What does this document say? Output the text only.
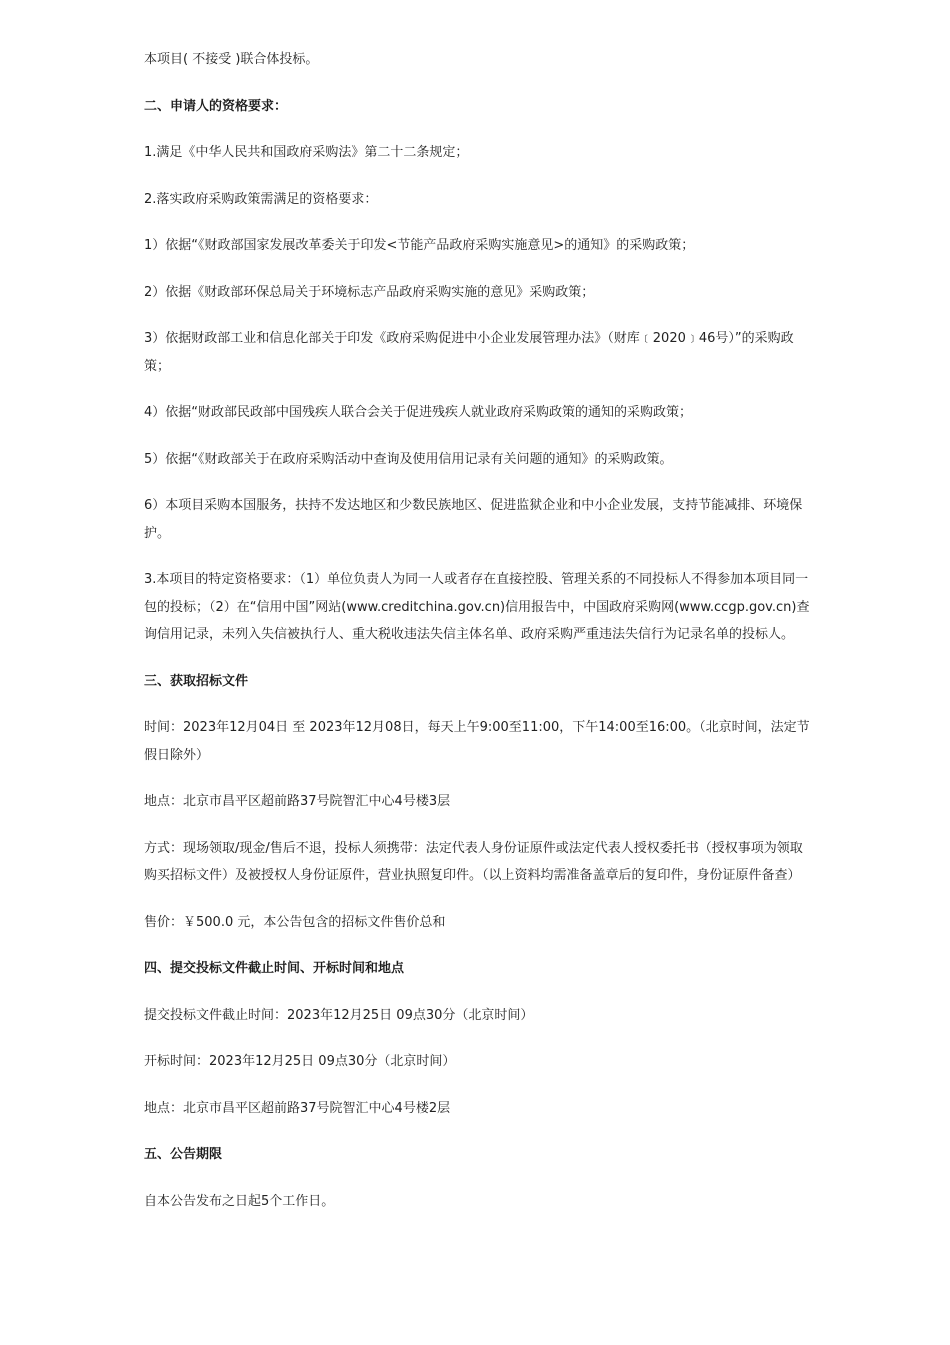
本项目( 不接受 )联合体投标。
二、申请人的资格要求：
1.满足《中华人民共和国政府采购法》第二十二条规定；
2.落实政府采购政策需满足的资格要求：
1）依据“《财政部国家发展改革委关于印发<节能产品政府采购实施意见>的通知》的采购政策；
2）依据《财政部环保总局关于环境标志产品政府采购实施的意见》采购政策；
3）依据财政部工业和信息化部关于印发《政府采购促进中小企业发展管理办法》（财库﹝2020﹞46号）”的采购政策；
4）依据“财政部民政部中国残疾人联合会关于促进残疾人就业政府采购政策的通知的采购政策；
5）依据“《财政部关于在政府采购活动中查询及使用信用记录有关问题的通知》的采购政策。
6）本项目采购本国服务，扶持不发达地区和少数民族地区、促进监狱企业和中小企业发展，支持节能减排、环境保护。
3.本项目的特定资格要求：（1）单位负责人为同一人或者存在直接控股、管理关系的不同投标人不得参加本项目同一包的投标；（2）在“信用中国”网站(www.creditchina.gov.cn)信用报告中，中国政府采购网(www.ccgp.gov.cn)查询信用记录，未列入失信被执行人、重大税收违法失信主体名单、政府采购严重违法失信行为记录名单的投标人。
三、获取招标文件
时间：2023年12月04日 至 2023年12月08日，每天上午9:00至11:00，下午14:00至16:00。（北京时间，法定节假日除外）
地点：北京市昌平区超前路37号院智汇中心4号楼3层
方式：现场领取/现金/售后不退，投标人须携带：法定代表人身份证原件或法定代表人授权委托书（授权事项为领取购买招标文件）及被授权人身份证原件，营业执照复印件。（以上资料均需准备盖章后的复印件，身份证原件备查）
售价：￥500.0 元，本公告包含的招标文件售价总和
四、提交投标文件截止时间、开标时间和地点
提交投标文件截止时间：2023年12月25日 09点30分（北京时间）
开标时间：2023年12月25日 09点30分（北京时间）
地点：北京市昌平区超前路37号院智汇中心4号楼2层
五、公告期限
自本公告发布之日起5个工作日。
